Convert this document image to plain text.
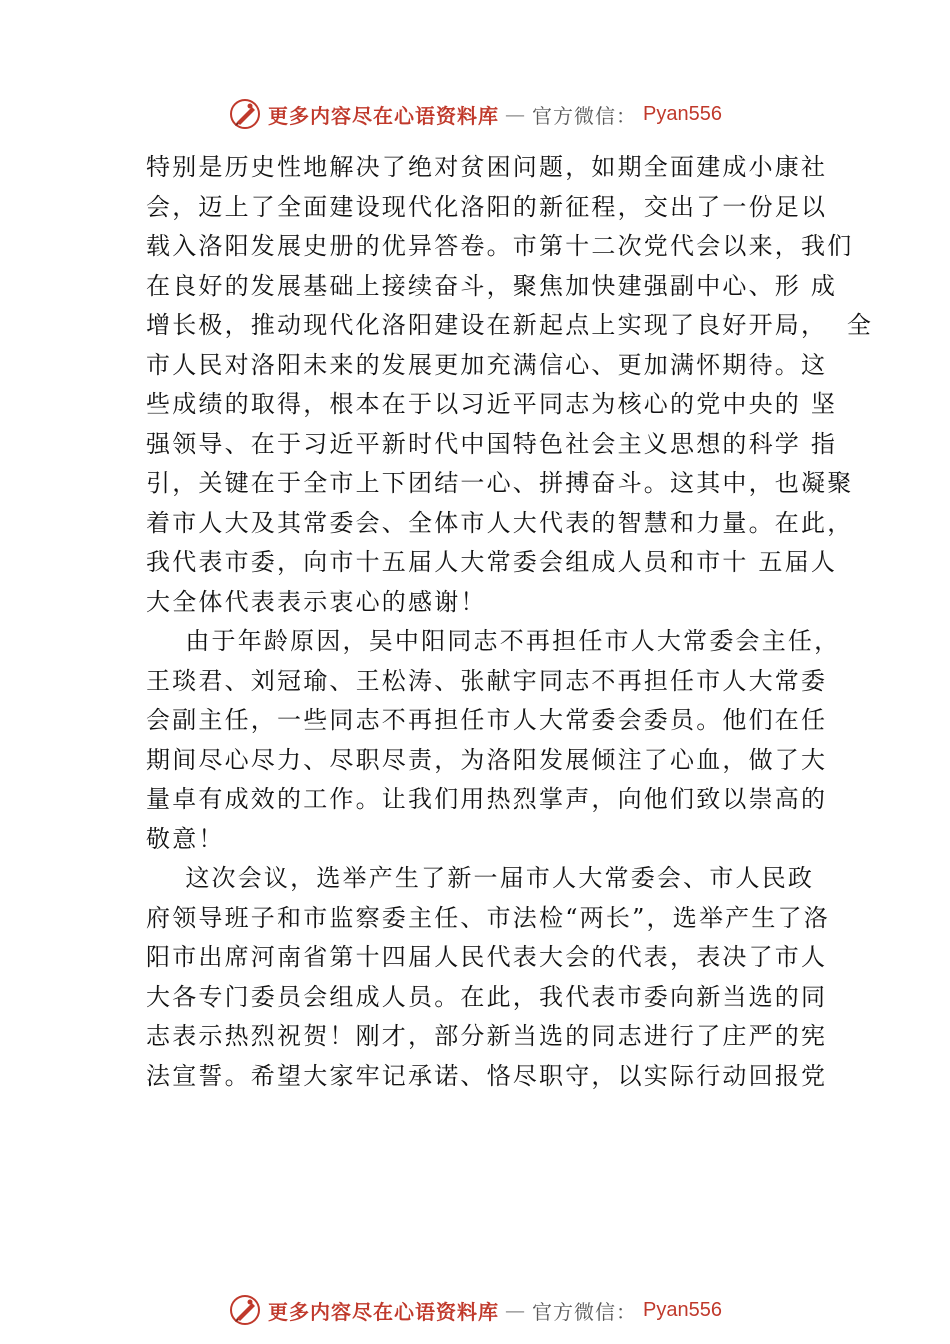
更多内容尽在心语资料库 — 官方微信： Pyan556
特别是历史性地解决了绝对贫困问题，如期全面建成小康社
会，迈上了全面建设现代化洛阳的新征程，交出了一份足以
载入洛阳发展史册的优异答卷。市第十二次党代会以来，我们
在良好的发展基础上接续奋斗，聚焦加快建强副中心、形 成
增长极，推动现代化洛阳建设在新起点上实现了良好开局，  全
市人民对洛阳未来的发展更加充满信心、更加满怀期待。这
些成绩的取得，根本在于以习近平同志为核心的党中央的 坚
强领导、在于习近平新时代中国特色社会主义思想的科学 指
引，关键在于全市上下团结一心、拼搏奋斗。这其中，也凝聚
着市人大及其常委会、全体市人大代表的智慧和力量。在此，
我代表市委，向市十五届人大常委会组成人员和市十 五届人
大全体代表表示衷心的感谢！
由于年龄原因，吴中阳同志不再担任市人大常委会主任，
王琰君、刘冠瑜、王松涛、张献宇同志不再担任市人大常委
会副主任，一些同志不再担任市人大常委会委员。他们在任
期间尽心尽力、尽职尽责，为洛阳发展倾注了心血，做了大
量卓有成效的工作。让我们用热烈掌声，向他们致以崇高的
敬意！
这次会议，选举产生了新一届市人大常委会、市人民政
府领导班子和市监察委主任、市法检“两长”，选举产生了洛
阳市出席河南省第十四届人民代表大会的代表，表决了市人
大各专门委员会组成人员。在此，我代表市委向新当选的同
志表示热烈祝贺！刚才，部分新当选的同志进行了庄严的宪
法宣誓。希望大家牢记承诺、恪尽职守，以实际行动回报党
更多内容尽在心语资料库 — 官方微信： Pyan556
